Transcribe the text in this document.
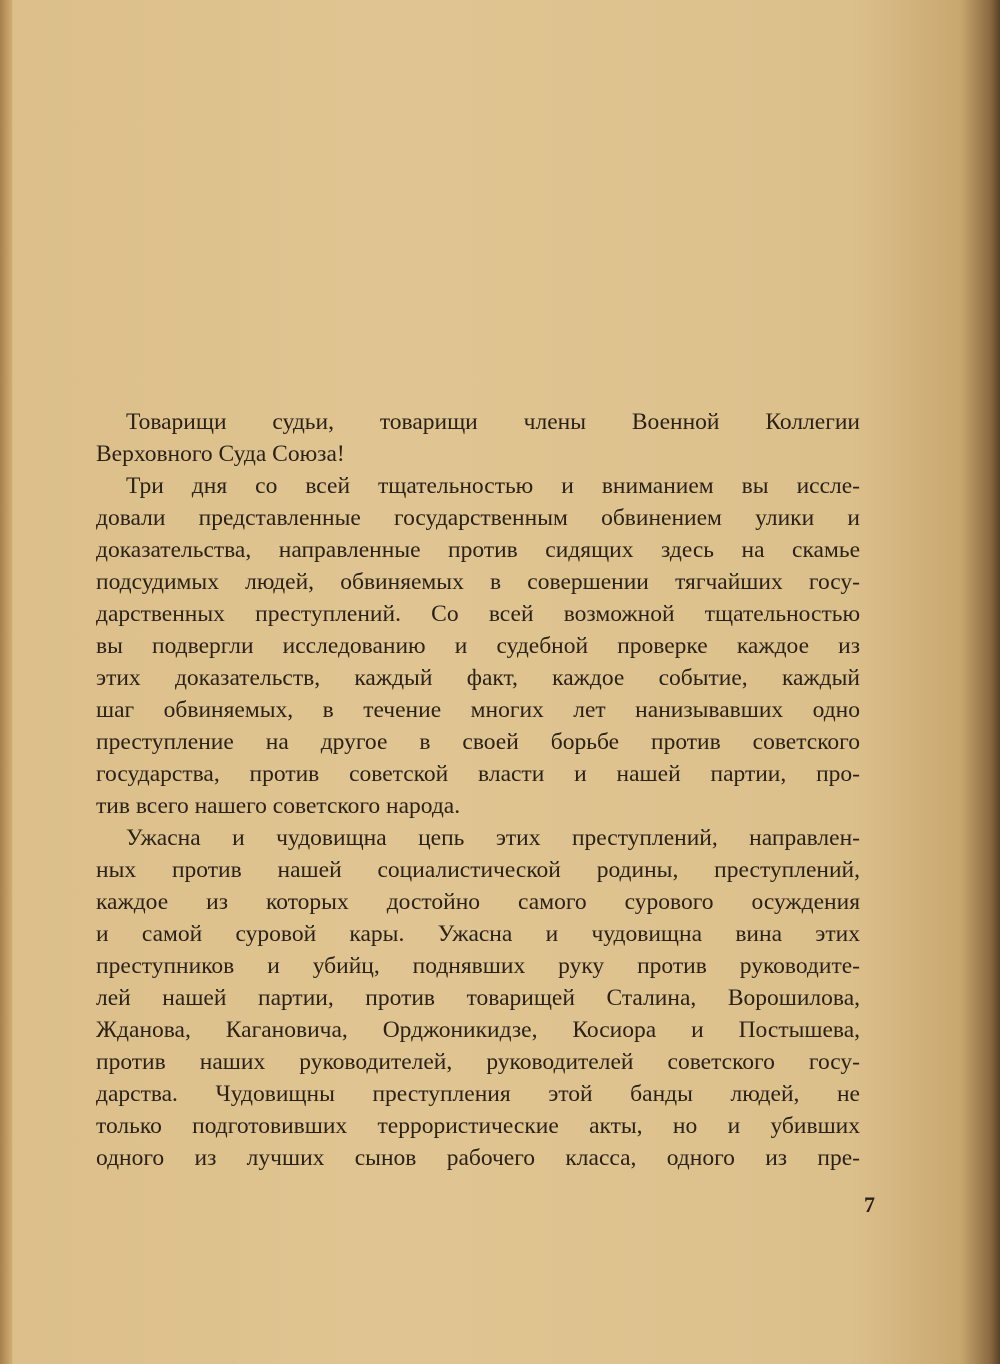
Товарищи судьи, товарищи члены Военной Коллегии
Верховного Суда Союза!
Три дня со всей тщательностью и вниманием вы иссле-
довали представленные государственным обвинением улики и
доказательства, направленные против сидящих здесь на скамье
подсудимых людей, обвиняемых в совершении тягчайших госу-
дарственных преступлений. Со всей возможной тщательностью
вы подвергли исследованию и судебной проверке каждое из
этих доказательств, каждый факт, каждое событие, каждый
шаг обвиняемых, в течение многих лет нанизывавших одно
преступление на другое в своей борьбе против советского
государства, против советской власти и нашей партии, про-
тив всего нашего советского народа.
Ужасна и чудовищна цепь этих преступлений, направлен-
ных против нашей социалистической родины, преступлений,
каждое из которых достойно самого сурового осуждения
и самой суровой кары. Ужасна и чудовищна вина этих
преступников и убийц, поднявших руку против руководите-
лей нашей партии, против товарищей Сталина, Ворошилова,
Жданова, Кагановича, Орджоникидзе, Косиора и Постышева,
против наших руководителей, руководителей советского госу-
дарства. Чудовищны преступления этой банды людей, не
только подготовивших террористические акты, но и убивших
одного из лучших сынов рабочего класса, одного из пре-
7
